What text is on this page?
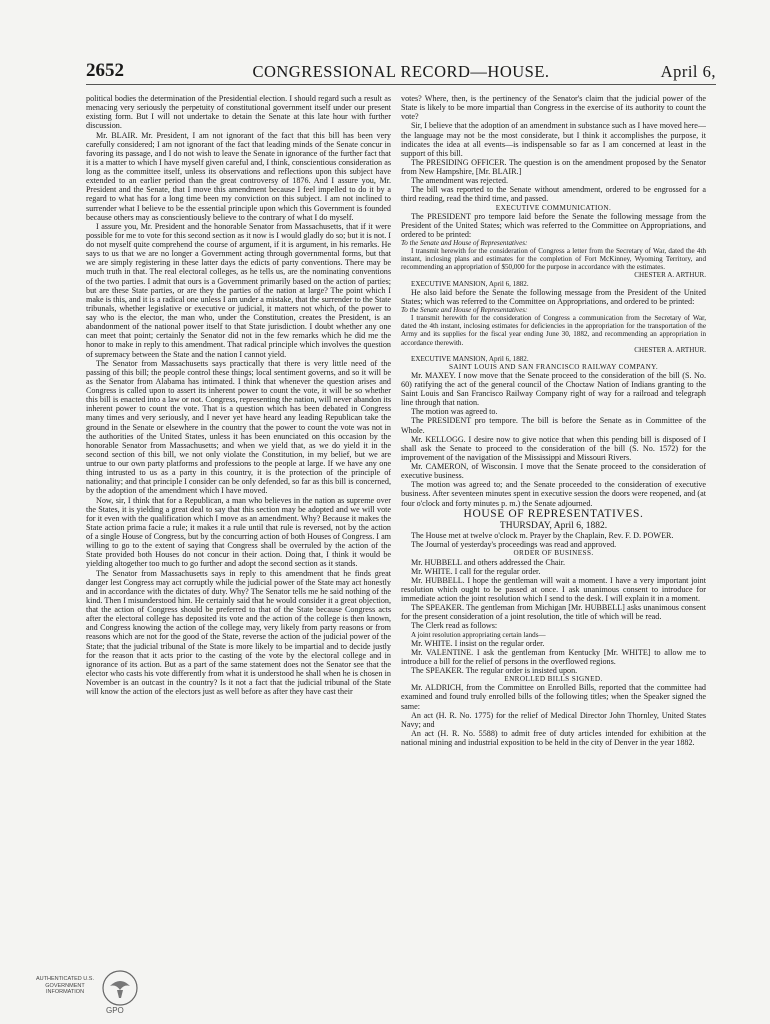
2652	CONGRESSIONAL RECORD—HOUSE.	April 6,

political bodies the determination of the Presidential election. I should regard such a result as menacing very seriously the perpetuity of constitutional government itself under our present existing form. But I will not undertake to detain the Senate at this late hour with further discussion.

Mr. BLAIR. Mr. President, I am not ignorant of the fact that this bill has been very carefully considered; I am not ignorant of the fact that leading minds of the Senate concur in favoring its passage, and I do not wish to leave the Senate in ignorance of the further fact that it is a matter to which I have myself given careful and, I think, conscientious consideration as long as the committee itself, unless its observations and reflections upon this subject have extended to an earlier period than the great controversy of 1876. And I assure you, Mr. President and the Senate, that I move this amendment because I feel impelled to do it by a regard to what has for a long time been my conviction on this subject. I am not inclined to surrender what I believe to be the essential principle upon which this Government is founded because others may as conscientiously believe to the contrary of what I do myself.

I assure you, Mr. President and the honorable Senator from Massachusetts, that if it were possible for me to vote for this second section as it now is I would gladly do so; but it is not. I do not myself quite comprehend the course of argument, if it is argument, in his remarks. He says to us that we are no longer a Government acting through governmental forms, but that we are simply registering in these latter days the edicts of party conventions. There may be much truth in that. The real electoral colleges, as he tells us, are the nominating conventions of the two parties. I admit that ours is a Government primarily based on the action of parties; but are these State parties, or are they the parties of the nation at large? The point which I make is this, and it is a radical one unless I am under a mistake, that the surrender to the State tribunals, whether legislative or executive or judicial, it matters not which, of the power to say who is the elector, the man who, under the Constitution, creates the President, is an abandonment of the national power itself to that State jurisdiction. I doubt whether any one can meet that point; certainly the Senator did not in the few remarks which he did me the honor to make in reply to this amendment. That radical principle which involves the question of supremacy between the State and the nation I cannot yield.

The Senator from Massachusetts says practically that there is very little need of the passing of this bill; the people control these things; local sentiment governs, and so it will be as the Senator from Alabama has intimated. I think that whenever the question arises and Congress is called upon to assert its inherent power to count the vote, it will be so whether this bill is enacted into a law or not. Congress, representing the nation, will never abandon its inherent power to count the vote. That is a question which has been debated in Congress many times and very seriously, and I never yet have heard any leading Republican take the ground in the Senate or elsewhere in the country that the power to count the vote was not in the authorities of the United States, unless it has been enunciated on this occasion by the honorable Senator from Massachusetts; and when we yield that, as we do yield it in the second section of this bill, we not only violate the Constitution, in my belief, but we are untrue to our own party platforms and professions to the people at large. If we have any one thing intrusted to us as a party in this country, it is the protection of the principle of nationality; and that principle I consider can be only defended, so far as this bill is concerned, by the adoption of the amendment which I have moved.

Now, sir, I think that for a Republican, a man who believes in the nation as supreme over the States, it is yielding a great deal to say that this section may be adopted and we will vote for it even with the qualification which I move as an amendment. Why? Because it makes the State action prima facie a rule; it makes it a rule until that rule is reversed, not by the action of a single House of Congress, but by the concurring action of both Houses of Congress. I am willing to go to the extent of saying that Congress shall be overruled by the action of the State provided both Houses do not concur in their action. Doing that, I think it would be yielding altogether too much to go further and adopt the second section as it stands.

The Senator from Massachusetts says in reply to this amendment that he finds great danger lest Congress may act corruptly while the judicial power of the State may act honestly and in accordance with the dictates of duty. Why? The Senator tells me he said nothing of the kind. Then I misunderstood him. He certainly said that he would consider it a great objection, that the action of Congress should be preferred to that of the State because Congress acts after the electoral college has deposited its vote and the action of the college is then known, and Congress knowing the action of the college may, very likely from party reasons or from reasons which are not for the good of the State, reverse the action of the judicial power of the State; that the judicial tribunal of the State is more likely to be impartial and to decide justly for the reason that it acts prior to the casting of the vote by the electoral college and in ignorance of its action. But as a part of the same statement does not the Senator see that the elector who casts his vote differently from what it is understood he shall when he is chosen in November is an outcast in the country? Is it not a fact that the judicial tribunal of the State will know the action of the electors just as well before as after they have cast their

votes? Where, then, is the pertinency of the Senator's claim that the judicial power of the State is likely to be more impartial than Congress in the exercise of its authority to count the vote?

Sir, I believe that the adoption of an amendment in substance such as I have moved here—the language may not be the most considerate, but I think it accomplishes the purpose, it indicates the idea at all events—is indispensable so far as I am concerned at least in the support of this bill.

The PRESIDING OFFICER. The question is on the amendment proposed by the Senator from New Hampshire, [Mr. BLAIR.]

The amendment was rejected.

The bill was reported to the Senate without amendment, ordered to be engrossed for a third reading, read the third time, and passed.

EXECUTIVE COMMUNICATION.

The PRESIDENT pro tempore laid before the Senate the following message from the President of the United States; which was referred to the Committee on Appropriations, and ordered to be printed:

To the Senate and House of Representatives:

I transmit herewith for the consideration of Congress a letter from the Secretary of War, dated the 4th instant, inclosing plans and estimates for the completion of Fort McKinney, Wyoming Territory, and recommending an appropriation of $50,000 for the purpose in accordance with the estimates.

CHESTER A. ARTHUR.

EXECUTIVE MANSION, April 6, 1882.

He also laid before the Senate the following message from the President of the United States; which was referred to the Committee on Appropriations, and ordered to be printed:

To the Senate and House of Representatives:

I transmit herewith for the consideration of Congress a communication from the Secretary of War, dated the 4th instant, inclosing estimates for deficiencies in the appropriation for the transportation of the Army and its supplies for the fiscal year ending June 30, 1882, and recommending an appropriation in accordance therewith.

CHESTER A. ARTHUR.

EXECUTIVE MANSION, April 6, 1882.

SAINT LOUIS AND SAN FRANCISCO RAILWAY COMPANY.

Mr. MAXEY. I now move that the Senate proceed to the consideration of the bill (S. No. 60) ratifying the act of the general council of the Choctaw Nation of Indians granting to the Saint Louis and San Francisco Railway Company right of way for a railroad and telegraph line through that nation.

The motion was agreed to.

The PRESIDENT pro tempore. The bill is before the Senate as in Committee of the Whole.

Mr. KELLOGG. I desire now to give notice that when this pending bill is disposed of I shall ask the Senate to proceed to the consideration of the bill (S. No. 1572) for the improvement of the navigation of the Mississippi and Missouri Rivers.

Mr. CAMERON, of Wisconsin. I move that the Senate proceed to the consideration of executive business.

The motion was agreed to; and the Senate proceeded to the consideration of executive business. After seventeen minutes spent in executive session the doors were reopened, and (at four o'clock and forty minutes p. m.) the Senate adjourned.

HOUSE OF REPRESENTATIVES.

THURSDAY, April 6, 1882.

The House met at twelve o'clock m. Prayer by the Chaplain, Rev. F. D. POWER.

The Journal of yesterday's proceedings was read and approved.

ORDER OF BUSINESS.

Mr. HUBBELL and others addressed the Chair.

Mr. WHITE. I call for the regular order.

Mr. HUBBELL. I hope the gentleman will wait a moment. I have a very important joint resolution which ought to be passed at once. I ask unanimous consent to introduce for immediate action the joint resolution which I send to the desk. I will explain it in a moment.

The SPEAKER. The gentleman from Michigan [Mr. HUBBELL] asks unanimous consent for the present consideration of a joint resolution, the title of which will be read.

The Clerk read as follows:

A joint resolution appropriating certain lands—

Mr. WHITE. I insist on the regular order.

Mr. VALENTINE. I ask the gentleman from Kentucky [Mr. WHITE] to allow me to introduce a bill for the relief of persons in the overflowed regions.

The SPEAKER. The regular order is insisted upon.

ENROLLED BILLS SIGNED.

Mr. ALDRICH, from the Committee on Enrolled Bills, reported that the committee had examined and found truly enrolled bills of the following titles; when the Speaker signed the same:

An act (H. R. No. 1775) for the relief of Medical Director John Thornley, United States Navy; and

An act (H. R. No. 5588) to admit free of duty articles intended for exhibition at the national mining and industrial exposition to be held in the city of Denver in the year 1882.

AUTHENTICATED U.S. GOVERNMENT INFORMATION
GPO
